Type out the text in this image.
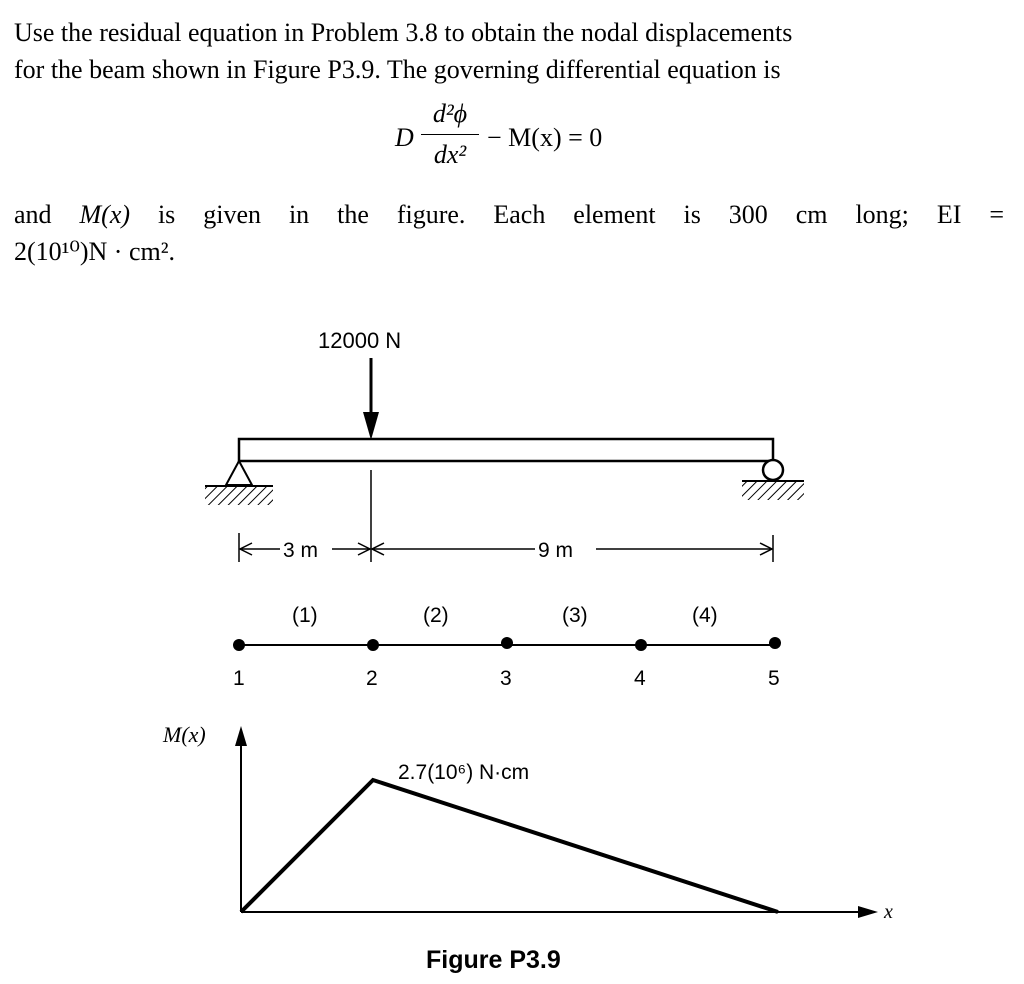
Use the residual equation in Problem 3.8 to obtain the nodal displacements
for the beam shown in Figure P3.9. The governing differential equation is
D
d²ϕ
dx²
− M(x) = 0
and M(x) is given in the figure. Each element is 300 cm long; EI =
2(10¹⁰)N · cm².
12000 N
3 m	9 m
(1)	(2)	(3)	(4)
1	2	3	4	5
M(x)
x
2.7(10⁶) N·cm
Figure P3.9
